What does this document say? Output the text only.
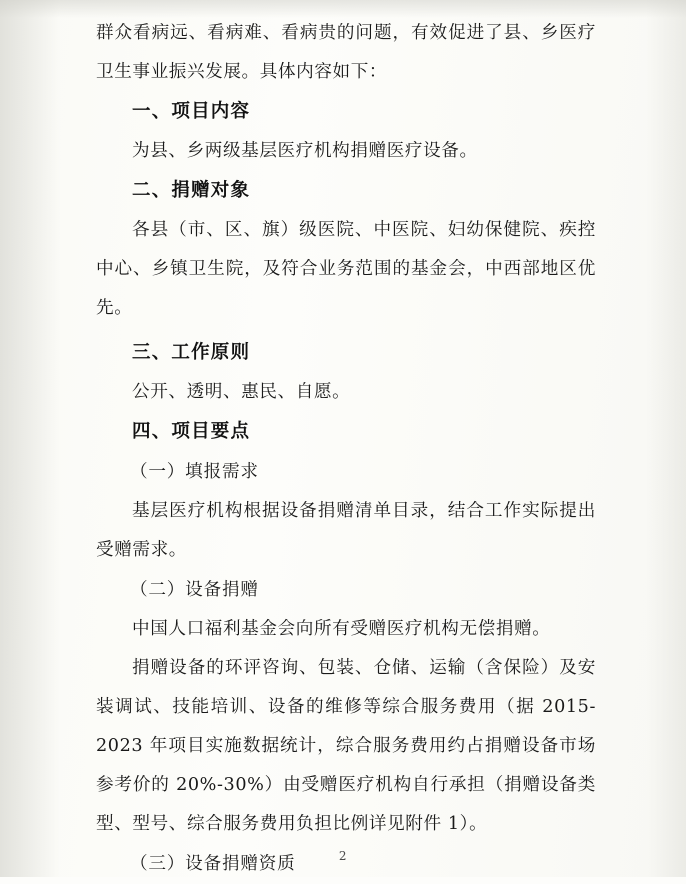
群众看病远、看病难、看病贵的问题，有效促进了县、乡医疗卫生事业振兴发展。具体内容如下：

一、项目内容

为县、乡两级基层医疗机构捐赠医疗设备。

二、捐赠对象

各县（市、区、旗）级医院、中医院、妇幼保健院、疾控中心、乡镇卫生院，及符合业务范围的基金会，中西部地区优先。

三、工作原则

公开、透明、惠民、自愿。

四、项目要点

（一）填报需求

基层医疗机构根据设备捐赠清单目录，结合工作实际提出受赠需求。

（二）设备捐赠

中国人口福利基金会向所有受赠医疗机构无偿捐赠。

捐赠设备的环评咨询、包装、仓储、运输（含保险）及安装调试、技能培训、设备的维修等综合服务费用（据 2015-2023 年项目实施数据统计，综合服务费用约占捐赠设备市场参考价的 20%-30%）由受赠医疗机构自行承担（捐赠设备类型、型号、综合服务费用负担比例详见附件 1）。

（三）设备捐赠资质	2
